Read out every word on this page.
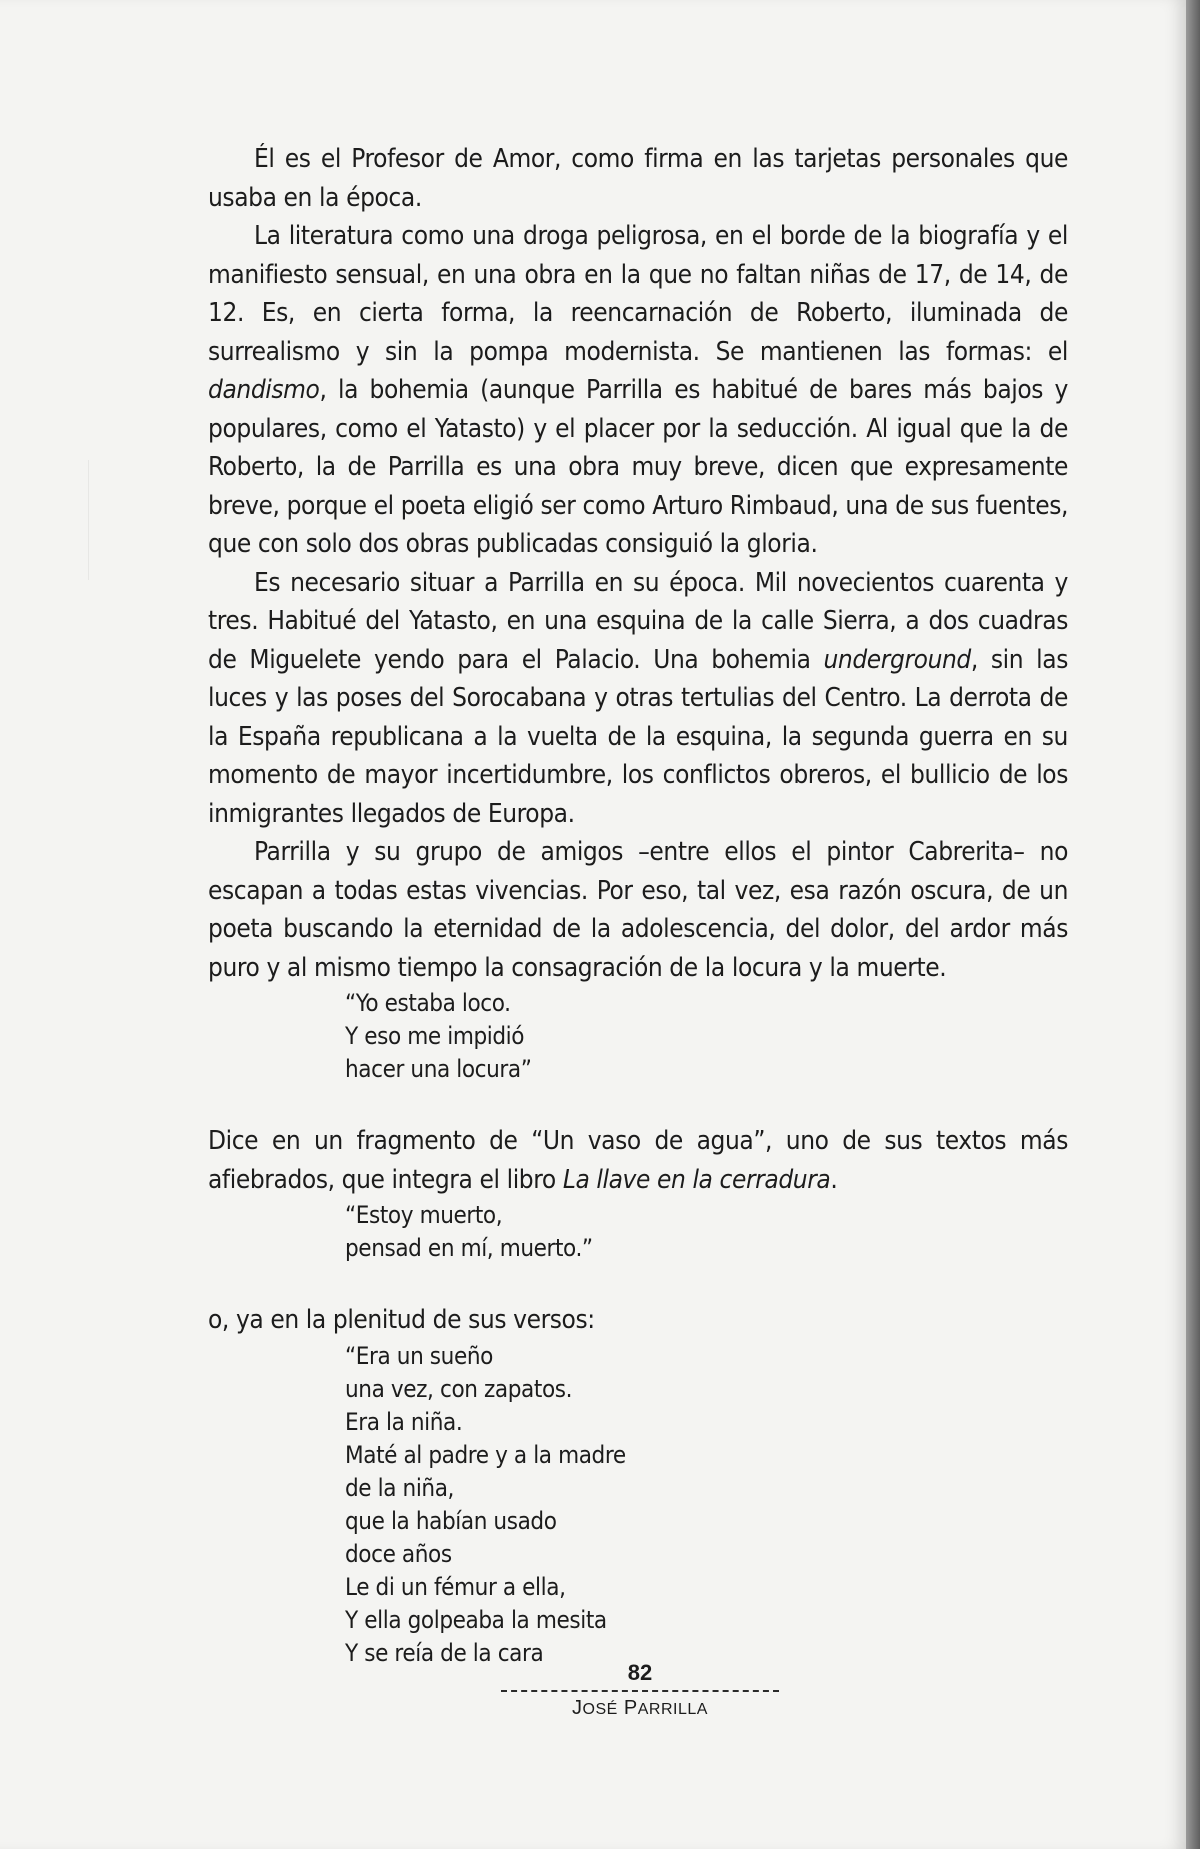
Él es el Profesor de Amor, como firma en las tarjetas personales que usaba en la época.

La literatura como una droga peligrosa, en el borde de la biografía y el manifiesto sensual, en una obra en la que no faltan niñas de 17, de 14, de 12. Es, en cierta forma, la reencarnación de Roberto, iluminada de surrealismo y sin la pompa modernista. Se mantienen las formas: el dandismo, la bohemia (aunque Parrilla es habitué de bares más bajos y populares, como el Yatasto) y el placer por la seducción. Al igual que la de Roberto, la de Parrilla es una obra muy breve, dicen que expresamente breve, porque el poeta eligió ser como Arturo Rimbaud, una de sus fuentes, que con solo dos obras publicadas consiguió la gloria.

Es necesario situar a Parrilla en su época. Mil novecientos cuarenta y tres. Habitué del Yatasto, en una esquina de la calle Sierra, a dos cuadras de Miguelete yendo para el Palacio. Una bohemia underground, sin las luces y las poses del Sorocabana y otras tertulias del Centro. La derrota de la España republicana a la vuelta de la esquina, la segunda guerra en su momento de mayor incertidumbre, los conflictos obreros, el bullicio de los inmigrantes llegados de Europa.

Parrilla y su grupo de amigos –entre ellos el pintor Cabrerita– no escapan a todas estas vivencias. Por eso, tal vez, esa razón oscura, de un poeta buscando la eternidad de la adolescencia, del dolor, del ardor más puro y al mismo tiempo la consagración de la locura y la muerte.

“Yo estaba loco.
Y eso me impidió
hacer una locura”

Dice en un fragmento de “Un vaso de agua”, uno de sus textos más afiebrados, que integra el libro La llave en la cerradura.

“Estoy muerto,
pensad en mí, muerto.”

o, ya en la plenitud de sus versos:

“Era un sueño
una vez, con zapatos.
Era la niña.
Maté al padre y a la madre
de la niña,
que la habían usado
doce años
Le di un fémur a ella,
Y ella golpeaba la mesita
Y se reía de la cara
82
JOSÉ PARRILLA
